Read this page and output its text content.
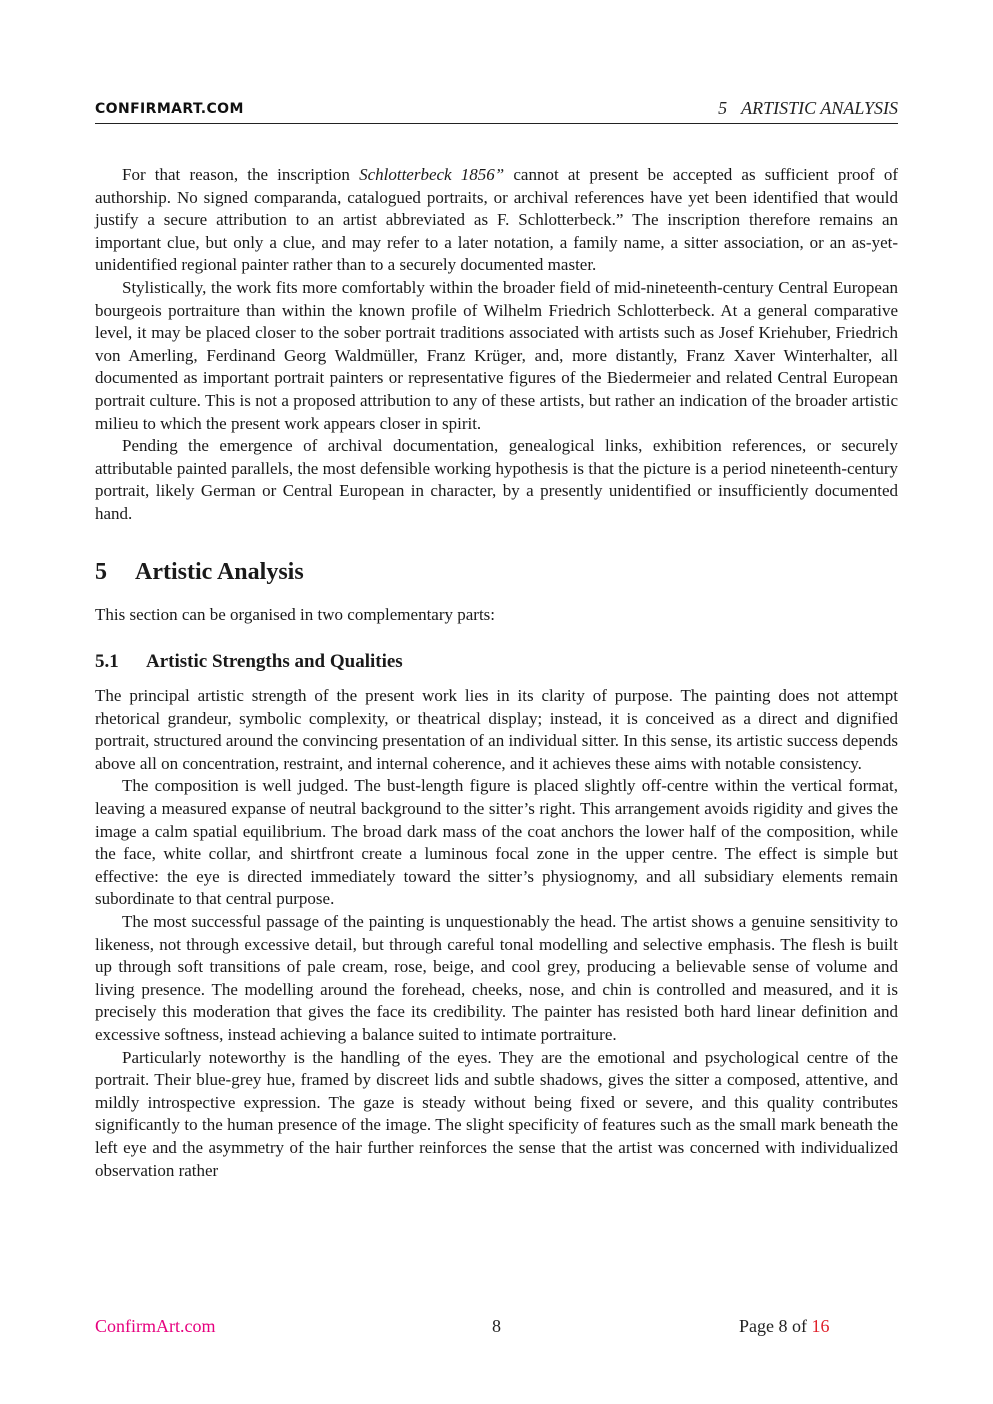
CONFIRMART.COM	5 ARTISTIC ANALYSIS

For that reason, the inscription Schlotterbeck 1856” cannot at present be accepted as sufficient proof of authorship. No signed comparanda, catalogued portraits, or archival references have yet been identified that would justify a secure attribution to an artist abbreviated as F. Schlotterbeck.” The inscription therefore remains an important clue, but only a clue, and may refer to a later notation, a family name, a sitter association, or an as-yet-unidentified regional painter rather than to a securely documented master.

Stylistically, the work fits more comfortably within the broader field of mid-nineteenth-century Central European bourgeois portraiture than within the known profile of Wilhelm Friedrich Schlotterbeck. At a general comparative level, it may be placed closer to the sober portrait traditions associated with artists such as Josef Kriehuber, Friedrich von Amerling, Ferdinand Georg Waldmüller, Franz Krüger, and, more distantly, Franz Xaver Winterhalter, all documented as important portrait painters or representative figures of the Biedermeier and related Central European portrait culture. This is not a proposed attribution to any of these artists, but rather an indication of the broader artistic milieu to which the present work appears closer in spirit.

Pending the emergence of archival documentation, genealogical links, exhibition references, or securely attributable painted parallels, the most defensible working hypothesis is that the picture is a period nineteenth-century portrait, likely German or Central European in character, by a presently unidentified or insufficiently documented hand.

5 Artistic Analysis

This section can be organised in two complementary parts:

5.1 Artistic Strengths and Qualities

The principal artistic strength of the present work lies in its clarity of purpose. The painting does not attempt rhetorical grandeur, symbolic complexity, or theatrical display; instead, it is conceived as a direct and dignified portrait, structured around the convincing presentation of an individual sitter. In this sense, its artistic success depends above all on concentration, restraint, and internal coherence, and it achieves these aims with notable consistency.

The composition is well judged. The bust-length figure is placed slightly off-centre within the vertical format, leaving a measured expanse of neutral background to the sitter’s right. This arrangement avoids rigidity and gives the image a calm spatial equilibrium. The broad dark mass of the coat anchors the lower half of the composition, while the face, white collar, and shirtfront create a luminous focal zone in the upper centre. The effect is simple but effective: the eye is directed immediately toward the sitter’s physiognomy, and all subsidiary elements remain subordinate to that central purpose.

The most successful passage of the painting is unquestionably the head. The artist shows a genuine sensitivity to likeness, not through excessive detail, but through careful tonal modelling and selective emphasis. The flesh is built up through soft transitions of pale cream, rose, beige, and cool grey, producing a believable sense of volume and living presence. The modelling around the forehead, cheeks, nose, and chin is controlled and measured, and it is precisely this moderation that gives the face its credibility. The painter has resisted both hard linear definition and excessive softness, instead achieving a balance suited to intimate portraiture.

Particularly noteworthy is the handling of the eyes. They are the emotional and psychological centre of the portrait. Their blue-grey hue, framed by discreet lids and subtle shadows, gives the sitter a composed, attentive, and mildly introspective expression. The gaze is steady without being fixed or severe, and this quality contributes significantly to the human presence of the image. The slight specificity of features such as the small mark beneath the left eye and the asymmetry of the hair further reinforces the sense that the artist was concerned with individualized observation rather

ConfirmArt.com	8	Page 8 of 16
